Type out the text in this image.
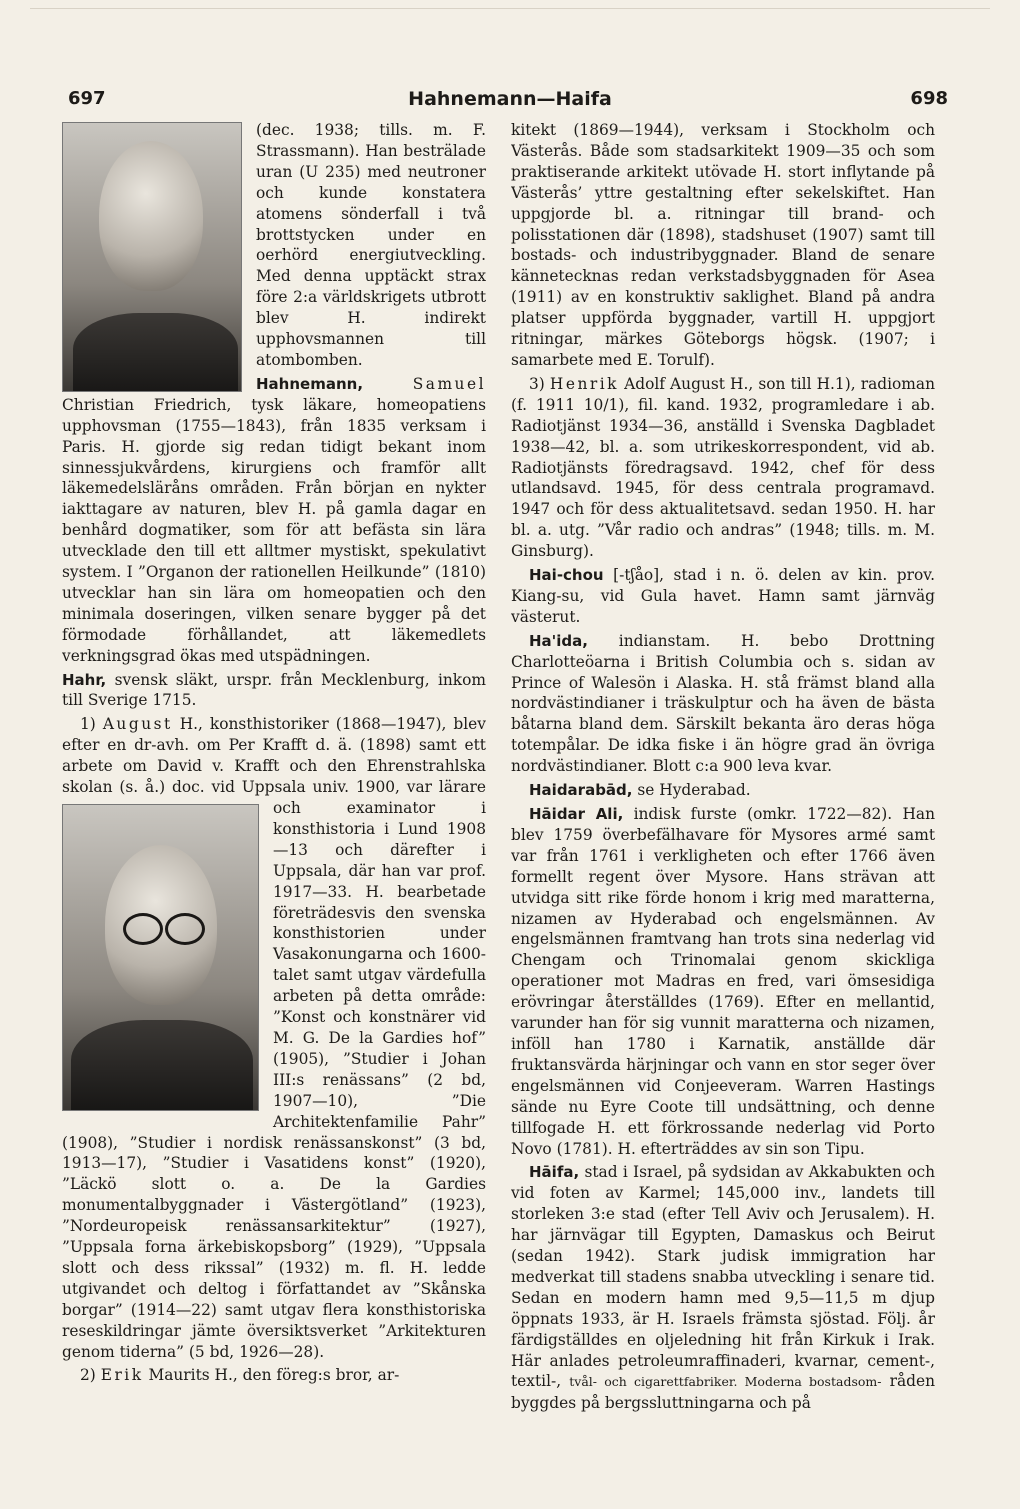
697	Hahnemann—Haifa	698

(dec. 1938; tills. m. F. Strassmann). Han besträlade uran (U 235) med neutroner och kunde konstatera atomens sönderfall i två brottstycken under en oerhörd energiutveckling. Med denna upptäckt strax före 2:a världskrigets utbrott blev H. indirekt upphovsmannen till atombomben.

Hahnemann,	Samuel Christian Friedrich, tysk läkare, homeopatiens upphovsman (1755—1843), från 1835 verksam i Paris. H. gjorde sig redan tidigt bekant inom sinnessjukvårdens, kirurgiens och framför allt läkemedelsläråns områden. Från början en nykter iakttagare av naturen, blev H. på gamla dagar en benhård dogmatiker, som för att befästa sin lära utvecklade den till ett alltmer mystiskt, spekulativt system. I ”Organon der rationellen Heilkunde” (1810) utvecklar han sin lära om homeopatien och den minimala doseringen, vilken senare bygger på det förmodade förhållandet, att läkemedlets verkningsgrad ökas med utspädningen.

Hahr, svensk släkt, urspr. från Mecklenburg, inkom till Sverige 1715.

1) August H., konsthistoriker (1868—1947), blev efter en dr-avh. om Per Krafft d. ä. (1898) samt ett arbete om David v. Krafft och den Ehrenstrahlska skolan (s. å.) doc. vid Uppsala
univ. 1900, var lärare och examinator i konsthistoria i Lund 1908—13 och därefter i Uppsala, där han var prof. 1917—33. H. bearbetade företrädesvis den svenska konsthistorien under Vasakonungarna och 1600-talet samt utgav värdefulla arbeten på detta område: ”Konst och konstnärer vid M. G. De la Gardies hof” (1905), ”Studier i Johan III:s renässans” (2 bd, 1907—10), ”Die Architektenfamilie Pahr” (1908), ”Studier i nordisk renässanskonst” (3 bd, 1913—17), ”Studier i Vasatidens konst” (1920), ”Läckö slott o. a. De la Gardies monumentalbyggnader i Västergötland” (1923), ”Nordeuropeisk renässansarkitektur” (1927), ”Uppsala forna ärkebiskopsborg” (1929), ”Uppsala slott och dess rikssal” (1932) m. fl. H. ledde utgivandet och deltog i författandet av ”Skånska borgar” (1914—22) samt utgav flera konsthistoriska reseskildringar jämte översiktsverket ”Arkitekturen genom tiderna” (5 bd, 1926—28).

2) Erik Maurits H., den föreg:s bror, ar-

kitekt (1869—1944), verksam i Stockholm och Västerås. Både som stadsarkitekt 1909—35 och som praktiserande arkitekt utövade H. stort inflytande på Västerås’ yttre gestaltning efter sekelskiftet. Han uppgjorde bl. a. ritningar till brand- och polisstationen där (1898), stadshuset (1907) samt till bostads- och industribyggnader. Bland de senare kännetecknas redan verkstadsbyggnaden för Asea (1911) av en konstruktiv saklighet. Bland på andra platser uppförda byggnader, vartill H. uppgjort ritningar, märkes Göteborgs högsk. (1907; i samarbete med E. Torulf).

3) Henrik Adolf August H., son till H.1), radioman (f. 1911 10/1), fil. kand. 1932, programledare i ab. Radiotjänst 1934—36, anställd i Svenska Dagbladet 1938—42, bl. a. som utrikeskorrespondent, vid ab. Radiotjänsts föredragsavd. 1942, chef för dess utlandsavd. 1945, för dess centrala programavd. 1947 och för dess aktualitetsavd. sedan 1950. H. har bl. a. utg. ”Vår radio och andras” (1948; tills. m. M. Ginsburg).

Hai-chou [-tʃåo], stad i n. ö. delen av kin. prov. Kiang-su, vid Gula havet. Hamn samt järnväg västerut.

Ha'ida, indianstam. H. bebo Drottning Charlotteöarna i British Columbia och s. sidan av Prince of Walesön i Alaska. H. stå främst bland alla nordvästindianer i träskulptur och ha även de bästa båtarna bland dem. Särskilt bekanta äro deras höga totempålar. De idka fiske i än högre grad än övriga nordvästindianer. Blott c:a 900 leva kvar.

Haidarabād, se Hyderabad.

Hāidar Ali, indisk furste (omkr. 1722—82). Han blev 1759 överbefälhavare för Mysores armé samt var från 1761 i verkligheten och efter 1766 även formellt regent över Mysore. Hans strävan att utvidga sitt rike förde honom i krig med maratterna, nizamen av Hyderabad och engelsmännen. Av engelsmännen framtvang han trots sina nederlag vid Chengam och Trinomalai genom skickliga operationer mot Madras en fred, vari ömsesidiga erövringar återställdes (1769). Efter en mellantid, varunder han för sig vunnit maratterna och nizamen, inföll han 1780 i Karnatik, anställde där fruktansvärda härjningar och vann en stor seger över engelsmännen vid Conjeeveram. Warren Hastings sände nu Eyre Coote till undsättning, och denne tillfogade H. ett förkrossande nederlag vid Porto Novo (1781). H. efterträddes av sin son Tipu.

Hāifa, stad i Israel, på sydsidan av Akkabukten och vid foten av Karmel; 145,000 inv., landets till storleken 3:e stad (efter Tell Aviv och Jerusalem). H. har järnvägar till Egypten, Damaskus och Beirut (sedan 1942). Stark judisk immigration har medverkat till stadens snabba utveckling i senare tid. Sedan en modern hamn med 9,5—11,5 m djup öppnats 1933, är H. Israels främsta sjöstad. Följ. år färdigställdes en oljeledning hit från Kirkuk i Irak. Här anlades petroleumraffinaderi, kvarnar, cement-, textil-, tvål- och cigarettfabriker. Moderna bostadsom- råden byggdes på bergssluttningarna och på
